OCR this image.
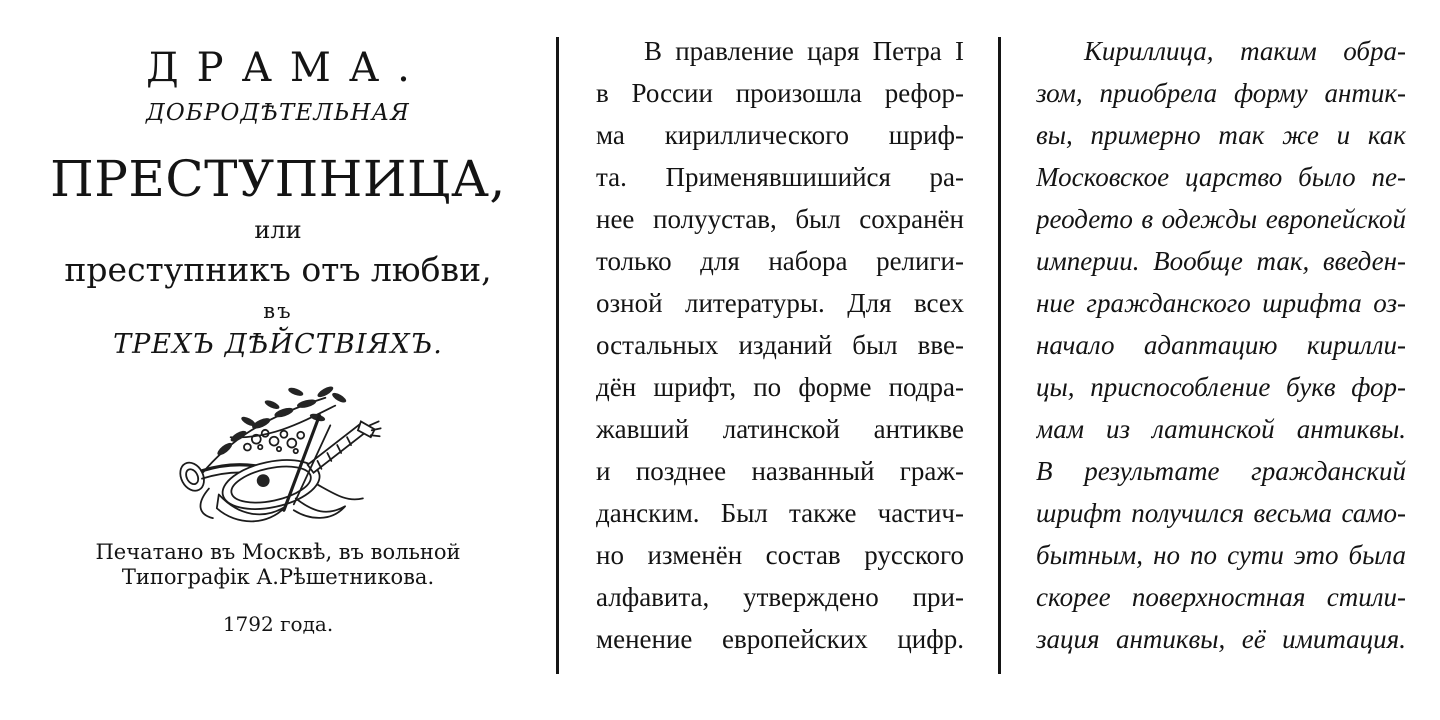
ДРАМА.
ДОБРОДѢТЕЛЬНАЯ
ПРЕСТУПНИЦА,
или
преступникъ отъ любви,
въ
ТРЕХЪ ДѢЙСТВІЯХЪ.
Печатано въ Москвѣ, въ вольной
Типографік А.Рѣшетникова.
1792 года.
В правление царя Петра I
в России произошла рефор-
ма кириллического шриф-
та. Применявшишийся ра-
нее полуустав, был сохранён
только для набора религи-
озной литературы. Для всех
остальных изданий был вве-
дён шрифт, по форме подра-
жавший латинской антикве
и позднее названный граж-
данским. Был также частич-
но изменён состав русского
алфавита, утверждено при-
менение европейских цифр.
Кириллица, таким обра-
зом, приобрела форму антик-
вы, примерно так же и как
Московское царство было пе-
реодето в одежды европейской
империи. Вообще так, введен-
ние гражданского шрифта оз-
начало адаптацию кирилли-
цы, приспособление букв фор-
мам из латинской антиквы.
В результате гражданский
шрифт получился весьма само-
бытным, но по сути это была
скорее поверхностная стили-
зация антиквы, её имитация.
